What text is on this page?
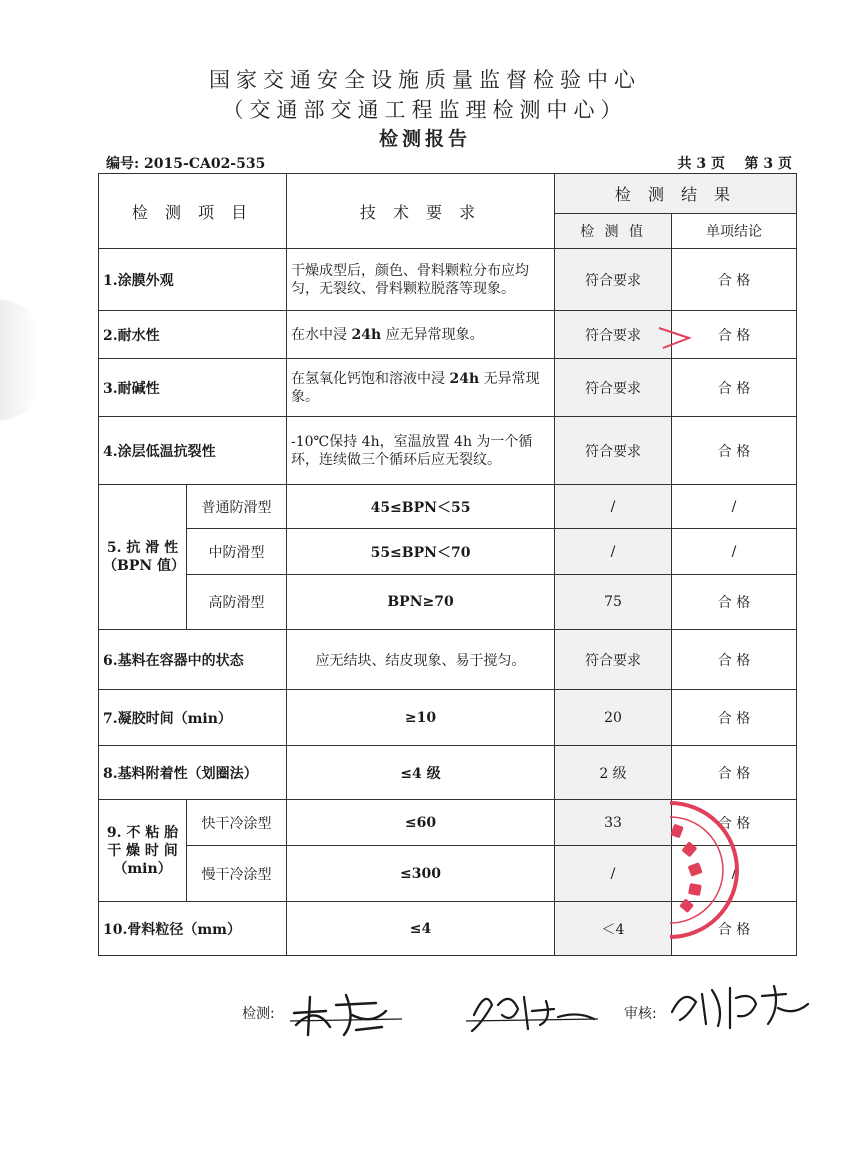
国家交通安全设施质量监督检验中心
（交通部交通工程监理检测中心）
检测报告
编号: 2015-CA02-535	共 3 页    第 3 页
检 测 项 目		技 术 要 求	检 测 结 果	
			检 测 值	单项结论
1.涂膜外观		干燥成型后，颜色、骨料颗粒分布应均匀，无裂纹、骨料颗粒脱落等现象。	符合要求	合 格
2.耐水性		在水中浸 24h 应无异常现象。	符合要求	合 格
3.耐碱性		在氢氧化钙饱和溶液中浸 24h 无异常现象。	符合要求	合 格
4.涂层低温抗裂性		-10℃保持 4h，室温放置 4h 为一个循环，连续做三个循环后应无裂纹。	符合要求	合 格
5. 抗 滑 性（BPN 值）	普通防滑型	45≤BPN＜55	/	/
	中防滑型	55≤BPN＜70	/	/
	高防滑型	BPN≥70	75	合 格
6.基料在容器中的状态		应无结块、结皮现象、易于搅匀。	符合要求	合 格
7.凝胶时间（min）		≥10	20	合 格
8.基料附着性（划圈法）		≤4 级	2 级	合 格
9. 不 粘 胎 干 燥 时 间（min）	快干冷涂型	≤60	33	合 格
	慢干冷涂型	≤300	/	/
10.骨料粒径（mm）		≤4	＜4	合 格
检测:	审核:
